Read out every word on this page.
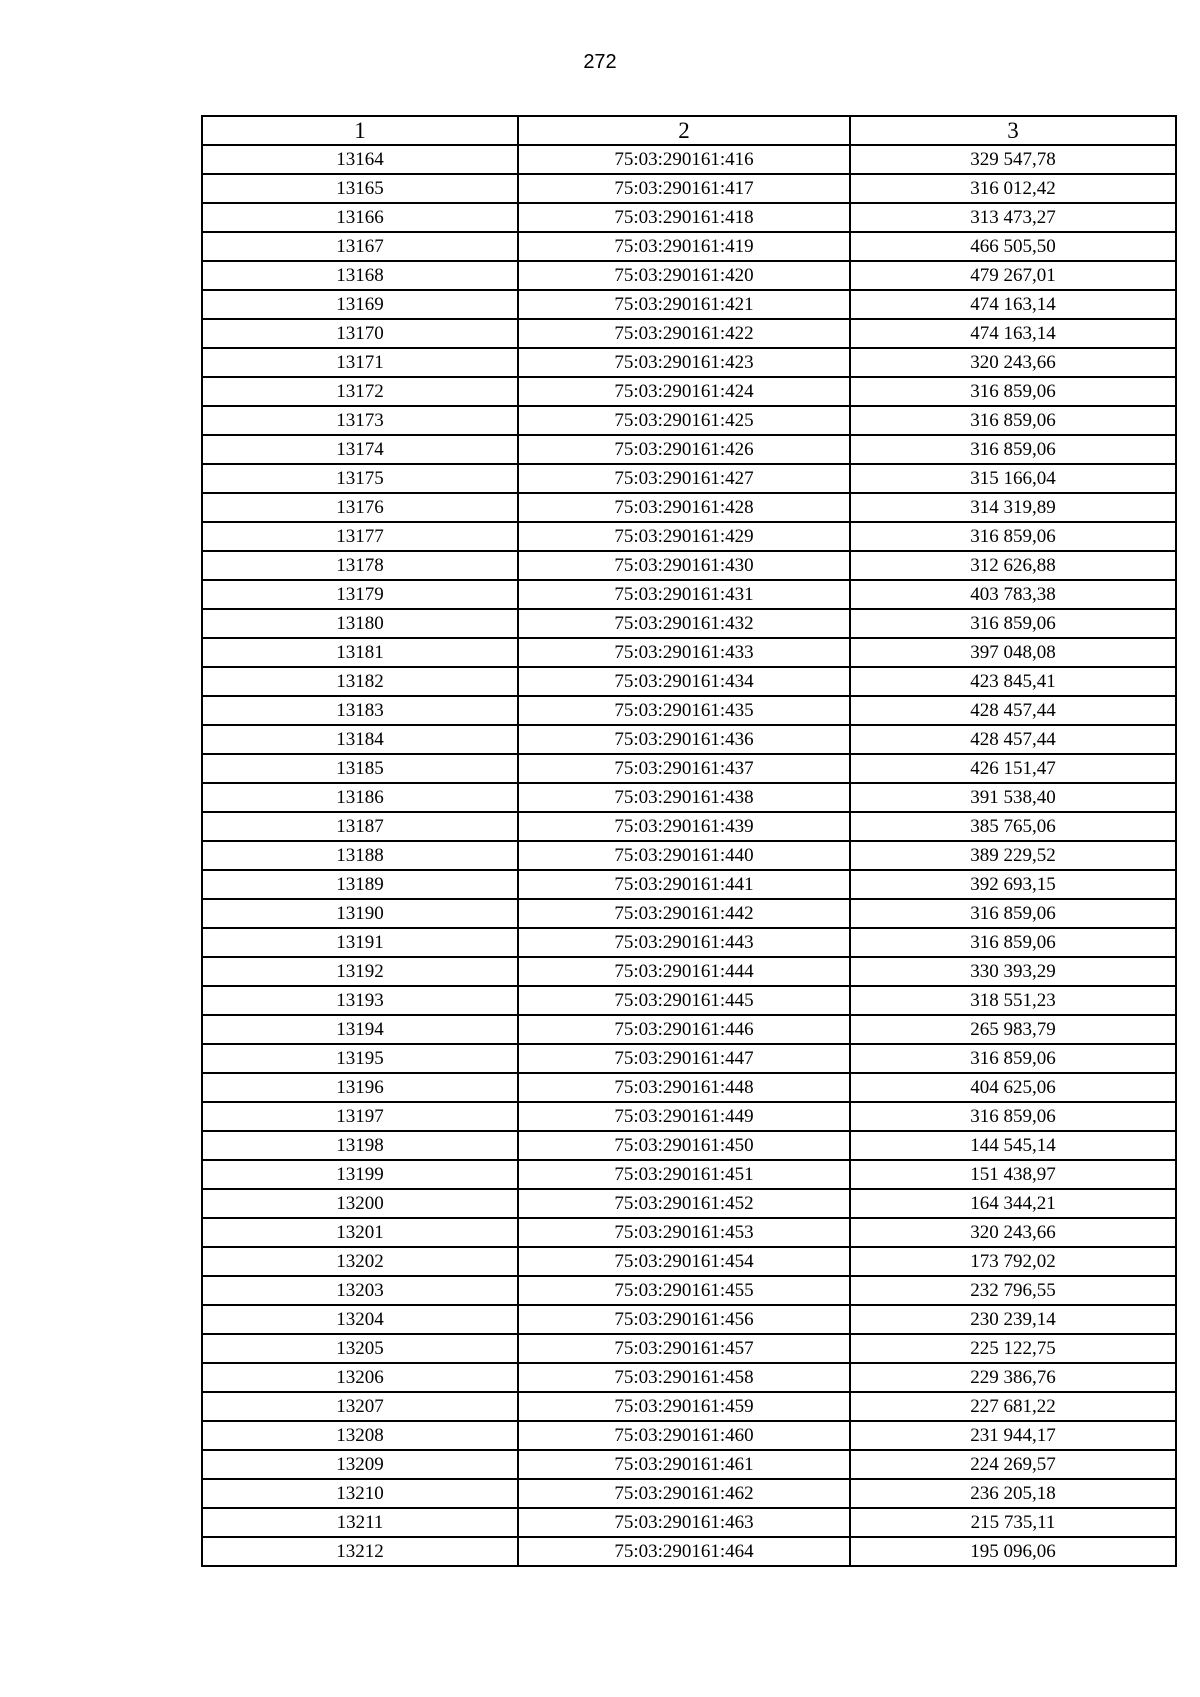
272
1	2	3
13164	75:03:290161:416	329 547,78
13165	75:03:290161:417	316 012,42
13166	75:03:290161:418	313 473,27
13167	75:03:290161:419	466 505,50
13168	75:03:290161:420	479 267,01
13169	75:03:290161:421	474 163,14
13170	75:03:290161:422	474 163,14
13171	75:03:290161:423	320 243,66
13172	75:03:290161:424	316 859,06
13173	75:03:290161:425	316 859,06
13174	75:03:290161:426	316 859,06
13175	75:03:290161:427	315 166,04
13176	75:03:290161:428	314 319,89
13177	75:03:290161:429	316 859,06
13178	75:03:290161:430	312 626,88
13179	75:03:290161:431	403 783,38
13180	75:03:290161:432	316 859,06
13181	75:03:290161:433	397 048,08
13182	75:03:290161:434	423 845,41
13183	75:03:290161:435	428 457,44
13184	75:03:290161:436	428 457,44
13185	75:03:290161:437	426 151,47
13186	75:03:290161:438	391 538,40
13187	75:03:290161:439	385 765,06
13188	75:03:290161:440	389 229,52
13189	75:03:290161:441	392 693,15
13190	75:03:290161:442	316 859,06
13191	75:03:290161:443	316 859,06
13192	75:03:290161:444	330 393,29
13193	75:03:290161:445	318 551,23
13194	75:03:290161:446	265 983,79
13195	75:03:290161:447	316 859,06
13196	75:03:290161:448	404 625,06
13197	75:03:290161:449	316 859,06
13198	75:03:290161:450	144 545,14
13199	75:03:290161:451	151 438,97
13200	75:03:290161:452	164 344,21
13201	75:03:290161:453	320 243,66
13202	75:03:290161:454	173 792,02
13203	75:03:290161:455	232 796,55
13204	75:03:290161:456	230 239,14
13205	75:03:290161:457	225 122,75
13206	75:03:290161:458	229 386,76
13207	75:03:290161:459	227 681,22
13208	75:03:290161:460	231 944,17
13209	75:03:290161:461	224 269,57
13210	75:03:290161:462	236 205,18
13211	75:03:290161:463	215 735,11
13212	75:03:290161:464	195 096,06
